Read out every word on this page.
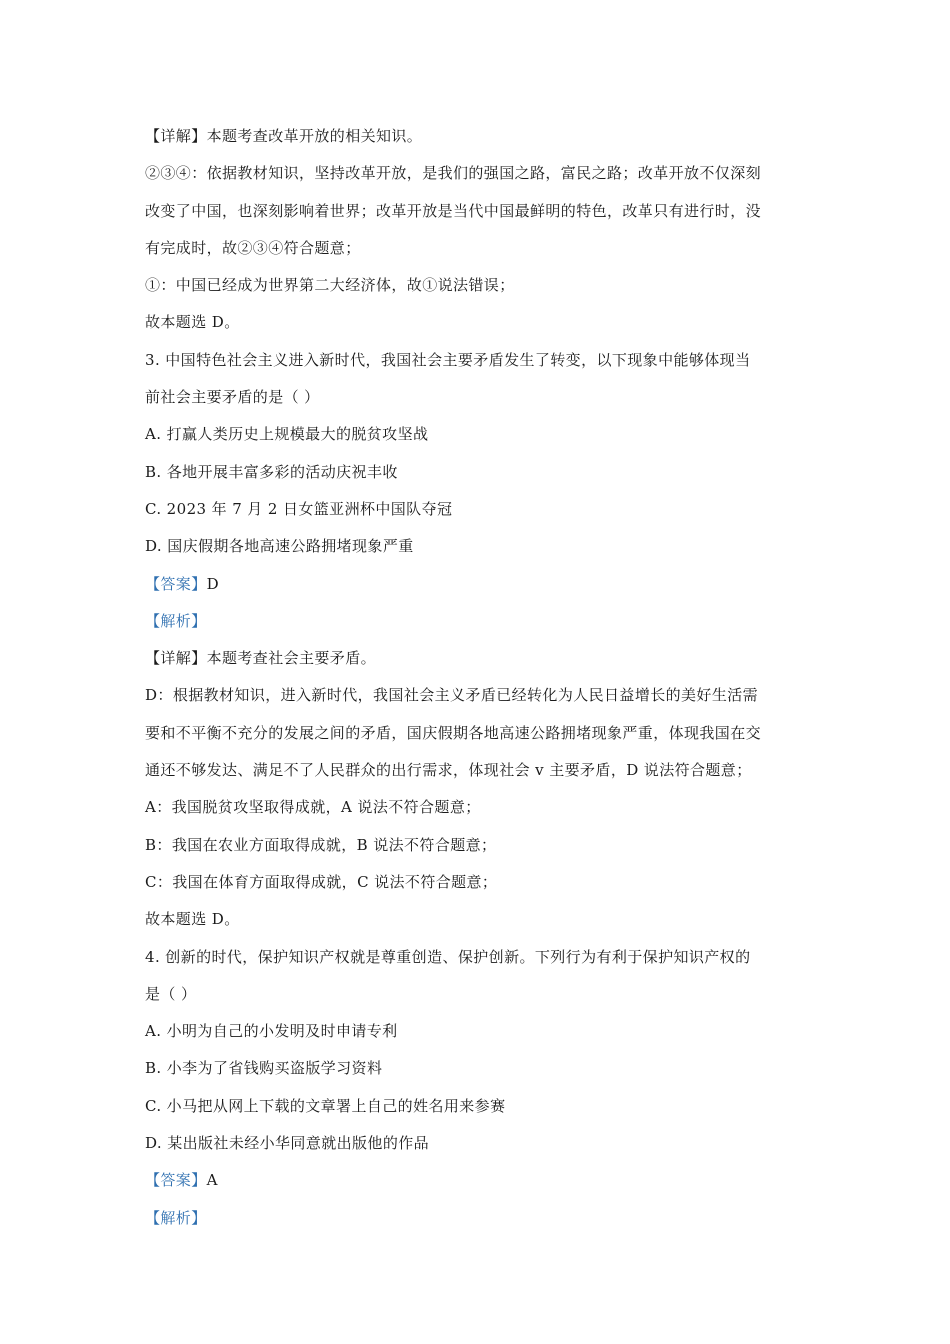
【详解】本题考查改革开放的相关知识。
②③④：依据教材知识，坚持改革开放，是我们的强国之路，富民之路；改革开放不仅深刻
改变了中国，也深刻影响着世界；改革开放是当代中国最鲜明的特色，改革只有进行时，没
有完成时，故②③④符合题意；
①：中国已经成为世界第二大经济体，故①说法错误；
故本题选 D。
3. 中国特色社会主义进入新时代，我国社会主要矛盾发生了转变，以下现象中能够体现当
前社会主要矛盾的是（ ）
A. 打赢人类历史上规模最大的脱贫攻坚战
B. 各地开展丰富多彩的活动庆祝丰收
C. 2023 年 7 月 2 日女篮亚洲杯中国队夺冠
D. 国庆假期各地高速公路拥堵现象严重
【答案】D
【解析】
【详解】本题考查社会主要矛盾。
D：根据教材知识，进入新时代，我国社会主义矛盾已经转化为人民日益增长的美好生活需
要和不平衡不充分的发展之间的矛盾，国庆假期各地高速公路拥堵现象严重，体现我国在交
通还不够发达、满足不了人民群众的出行需求，体现社会 v 主要矛盾，D 说法符合题意；
A：我国脱贫攻坚取得成就，A 说法不符合题意；
B：我国在农业方面取得成就，B 说法不符合题意；
C：我国在体育方面取得成就，C 说法不符合题意；
故本题选 D。
4. 创新的时代，保护知识产权就是尊重创造、保护创新。下列行为有利于保护知识产权的
是（ ）
A. 小明为自己的小发明及时申请专利
B. 小李为了省钱购买盗版学习资料
C. 小马把从网上下载的文章署上自己的姓名用来参赛
D. 某出版社未经小华同意就出版他的作品
【答案】A
【解析】
